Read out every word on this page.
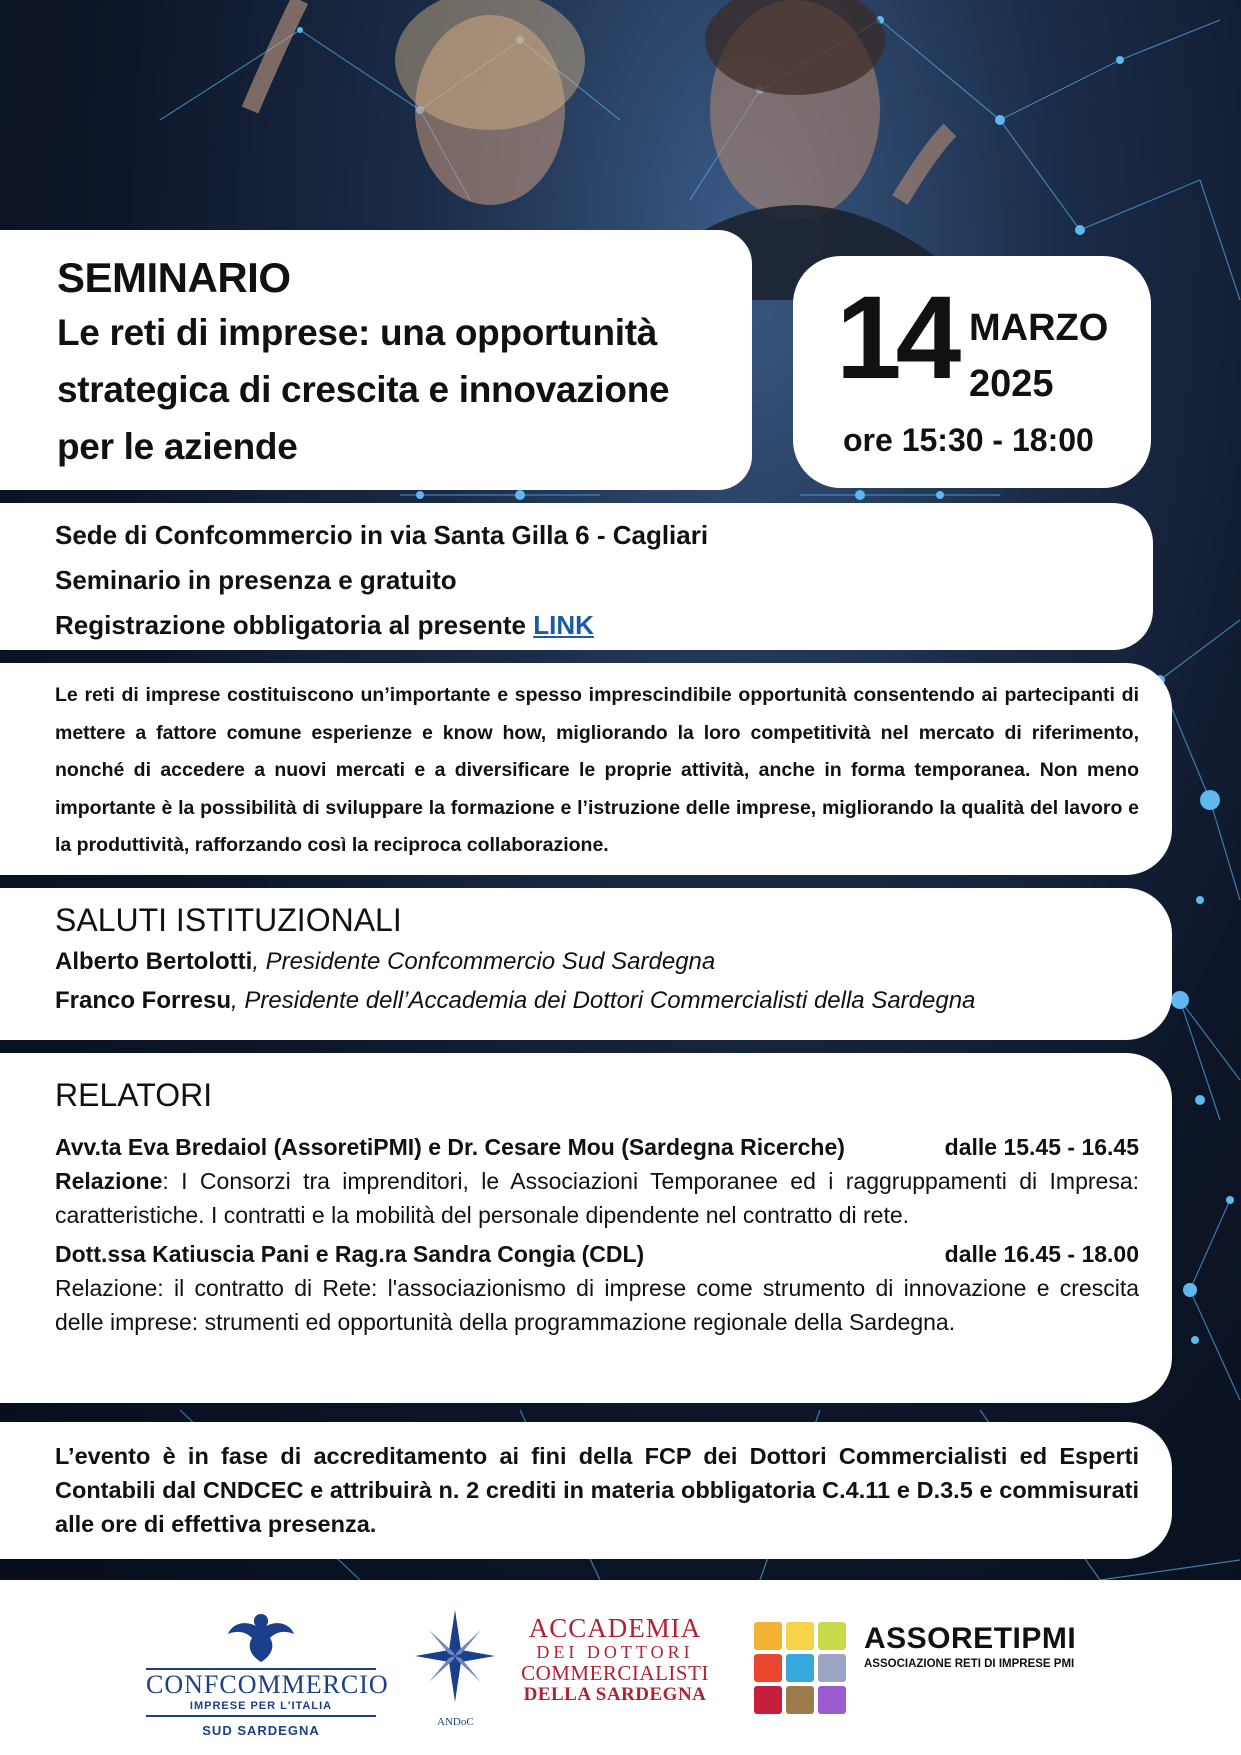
SEMINARIO
Le reti di imprese: una opportunità
strategica di crescita e innovazione
per le aziende
14 MARZO
2025
ore 15:30 - 18:00
Sede di Confcommercio in via Santa Gilla 6 - Cagliari
Seminario in presenza e gratuito
Registrazione obbligatoria al presente LINK

Le reti di imprese costituiscono un’importante e spesso imprescindibile opportunità consentendo ai partecipanti di mettere a fattore comune esperienze e know how, migliorando la loro competitività nel mercato di riferimento, nonché di accedere a nuovi mercati e a diversificare le proprie attività, anche in forma temporanea. Non meno importante è la possibilità di sviluppare la formazione e l’istruzione delle imprese, migliorando la qualità del lavoro e la produttività, rafforzando così la reciproca collaborazione.

SALUTI ISTITUZIONALI
Alberto Bertolotti, Presidente Confcommercio Sud Sardegna
Franco Forresu, Presidente dell’Accademia dei Dottori Commercialisti della Sardegna
RELATORI
Avv.ta Eva Bredaiol (AssoretiPMI) e Dr. Cesare Mou (Sardegna Ricerche)	dalle 15.45 - 16.45

Relazione: I Consorzi tra imprenditori, le Associazioni Temporanee ed i raggruppamenti di Impresa: caratteristiche. I contratti e la mobilità del personale dipendente nel contratto di rete.

Dott.ssa Katiuscia Pani e Rag.ra Sandra Congia (CDL)	dalle 16.45 - 18.00

Relazione: il contratto di Rete: l'associazionismo di imprese come strumento di innovazione e crescita delle imprese: strumenti ed opportunità della programmazione regionale della Sardegna.

L’evento è in fase di accreditamento ai fini della FCP dei Dottori Commercialisti ed Esperti Contabili dal CNDCEC e attribuirà n. 2 crediti in materia obbligatoria C.4.11 e D.3.5 e commisurati alle ore di effettiva presenza.

CONFCOMMERCIO
IMPRESE PER L'ITALIA
SUD SARDEGNA
ANDoC
ACCADEMIA
DEI DOTTORI
COMMERCIALISTI
DELLA SARDEGNA
ASSORETIPMI
ASSOCIAZIONE RETI DI IMPRESE PMI
